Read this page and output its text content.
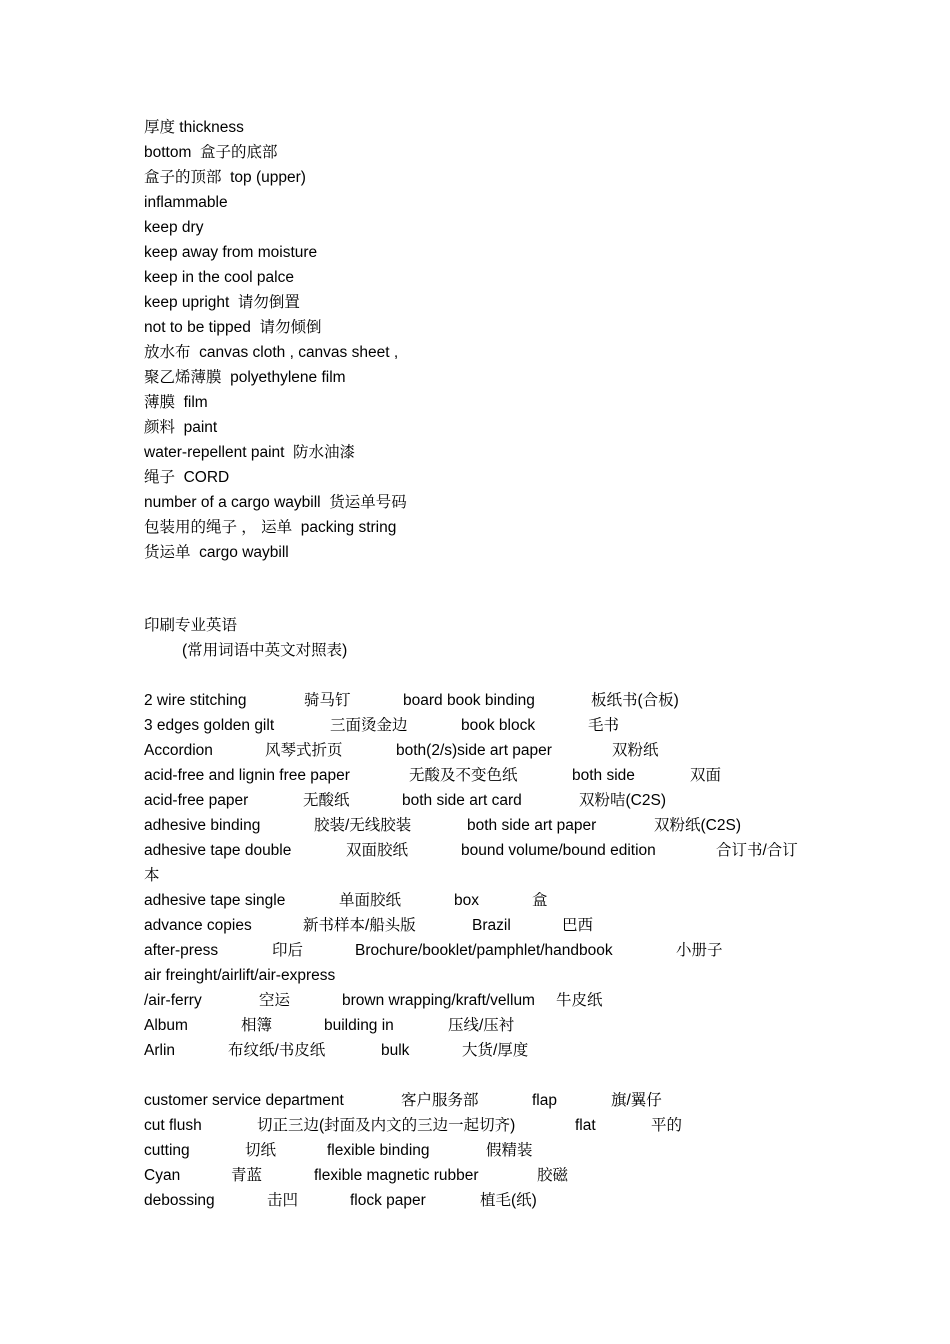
厚度 thickness
bottom  盒子的底部
盒子的顶部  top (upper)
inflammable
keep dry
keep away from moisture
keep in the cool palce
keep upright  请勿倒置
not to be tipped  请勿倾倒
放水布  canvas cloth , canvas sheet ,
聚乙烯薄膜  polyethylene film
薄膜  film
颜料  paint
water-repellent paint  防水油漆
绳子  CORD
number of a cargo waybill  货运单号码
包装用的绳子 ， 运单  packing string
货运单  cargo waybill
印刷专业英语
(常用词语中英文对照表)
2 wire stitching	骑马钉	board book binding	板纸书(合板)
3 edges golden gilt	三面烫金边	book block	毛书
Accordion	风琴式折页	both(2/s)side art paper	双粉纸
acid-free and lignin free paper	无酸及不变色纸	both side	双面
acid-free paper	无酸纸	both side art card	双粉咭(C2S)
adhesive binding	胶装/无线胶装	both side art paper	双粉纸(C2S)
adhesive tape double	双面胶纸	bound volume/bound edition	合订书/合订
本
adhesive tape single	单面胶纸	box	盒
advance copies	新书样本/船头版	Brazil	巴西
after-press	印后	Brochure/booklet/pamphlet/handbook	小册子
air freinght/airlift/air-express
/air-ferry	空运	brown wrapping/kraft/vellum 牛皮纸
Album	相簿	building in	压线/压衬
Arlin	布纹纸/书皮纸	bulk	大货/厚度
customer service department	客户服务部	flap	旗/翼仔
cut flush	切正三边(封面及内文的三边一起切齐)	flat	平的
cutting	切纸	flexible binding	假精装
Cyan	青蓝	flexible magnetic rubber	胶磁
debossing	击凹	flock paper	植毛(纸)
